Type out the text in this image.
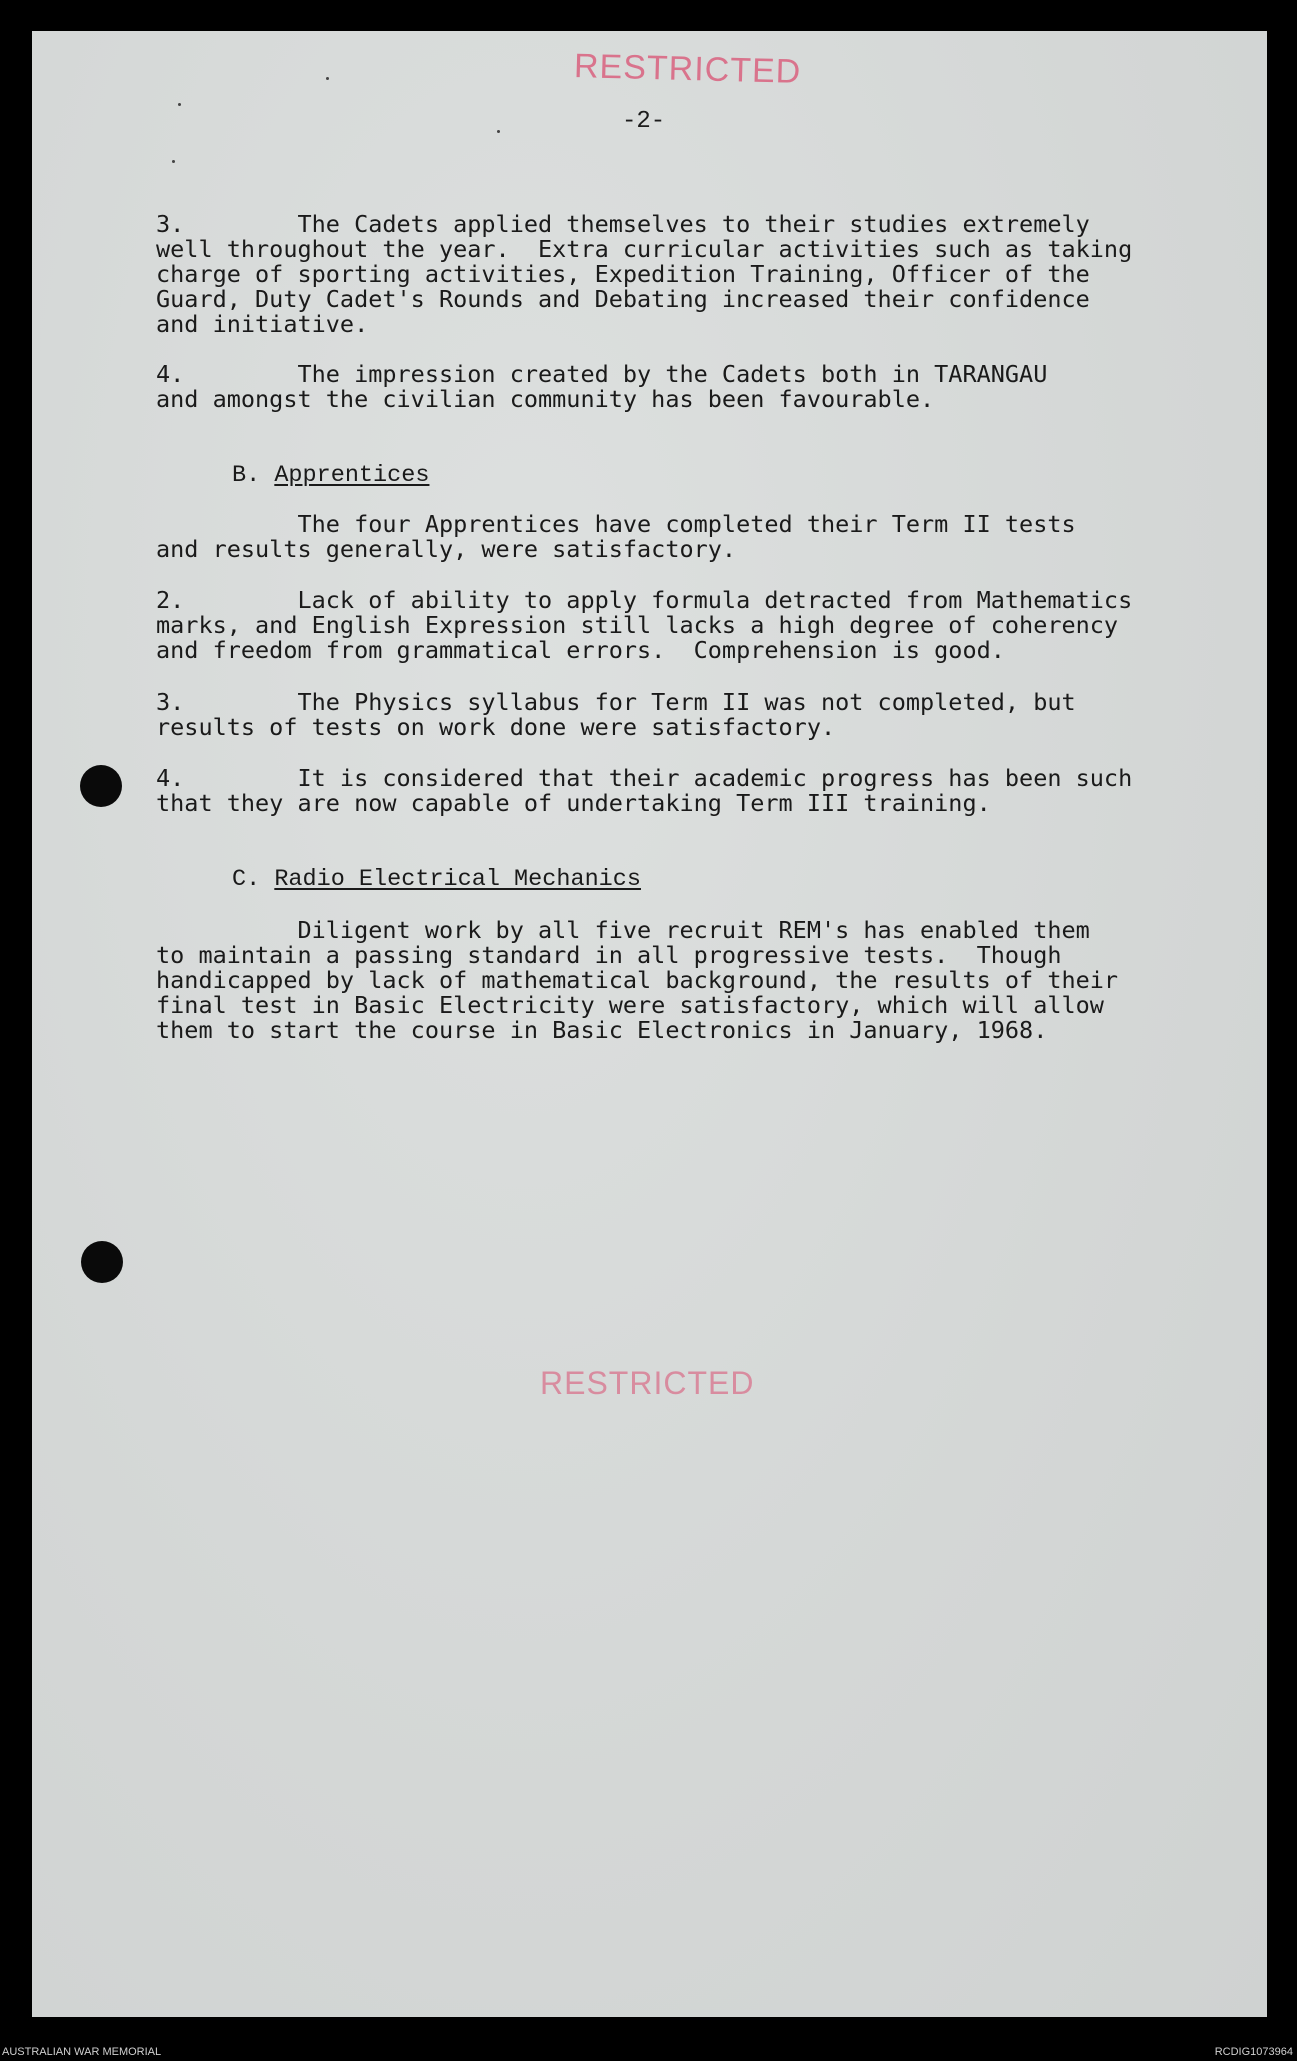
RESTRICTED
-2-
3.        The Cadets applied themselves to their studies extremely
well throughout the year.  Extra curricular activities such as taking
charge of sporting activities, Expedition Training, Officer of the
Guard, Duty Cadet's Rounds and Debating increased their confidence
and initiative.
4.        The impression created by the Cadets both in TARANGAU
and amongst the civilian community has been favourable.
B. Apprentices
The four Apprentices have completed their Term II tests
and results generally, were satisfactory.
2.        Lack of ability to apply formula detracted from Mathematics
marks, and English Expression still lacks a high degree of coherency
and freedom from grammatical errors.  Comprehension is good.
3.        The Physics syllabus for Term II was not completed, but
results of tests on work done were satisfactory.
4.        It is considered that their academic progress has been such
that they are now capable of undertaking Term III training.
C. Radio Electrical Mechanics
Diligent work by all five recruit REM's has enabled them
to maintain a passing standard in all progressive tests.  Though
handicapped by lack of mathematical background, the results of their
final test in Basic Electricity were satisfactory, which will allow
them to start the course in Basic Electronics in January, 1968.
RESTRICTED
AUSTRALIAN WAR MEMORIAL	RCDIG1073964
